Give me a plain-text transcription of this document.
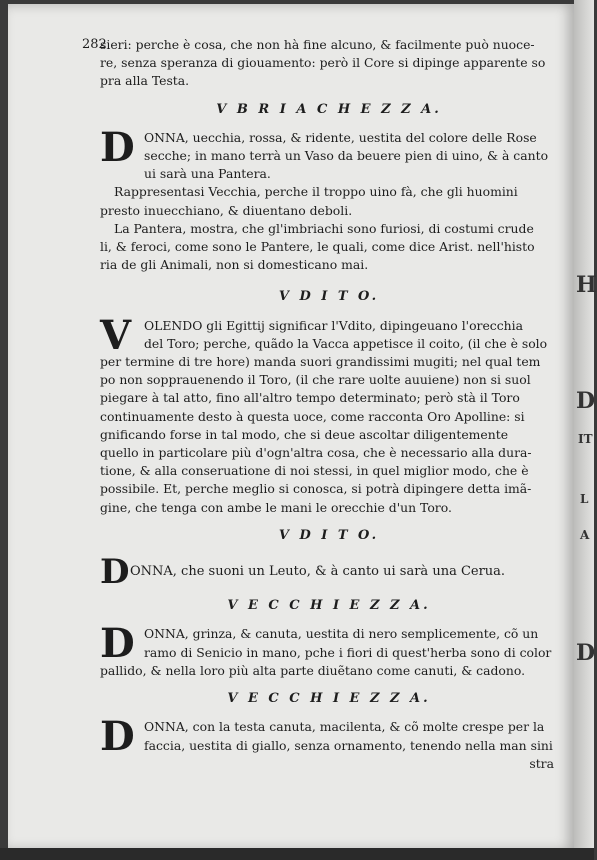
H
D
IT
L
A
D
282
sieri: perche è cosa, che non hà fine alcuno, & facilmente può nuoce-
re, senza speranza di giouamento: però il Core si dipinge apparente so
pra alla Testa.
V B R I A C H E Z Z A.
D ONNA, uecchia, rossa, & ridente, uestita del colore delle Rose
secche; in mano terrà un Vaso da beuere pien di uino, & à canto
ui sarà una Pantera.
Rappresentasi Vecchia, perche il troppo uino fà, che gli huomini
presto inuecchiano, & diuentano deboli.
La Pantera, mostra, che gl'imbriachi sono furiosi, di costumi crude
li, & feroci, come sono le Pantere, le quali, come dice Arist. nell'histo
ria de gli Animali, non si domesticano mai.
V D I T O.
V OLENDO gli Egittij significar l'Vdito, dipingeuano l'orecchia
del Toro; perche, quãdo la Vacca appetisce il coito, (il che è solo
per termine di tre hore) manda suori grandissimi mugiti; nel qual tem
po non sopprauenendo il Toro, (il che rare uolte auuiene) non si suol
piegare à tal atto, fino all'altro tempo determinato; però stà il Toro
continuamente desto à questa uoce, come racconta Oro Apolline: si
gnificando forse in tal modo, che si deue ascoltar diligentemente
quello in particolare più d'ogn'altra cosa, che è necessario alla dura-
tione, & alla conseruatione di noi stessi, in quel miglior modo, che è
possibile. Et, perche meglio si conosca, si potrà dipingere detta imã-
gine, che tenga con ambe le mani le orecchie d'un Toro.
V D I T O.
D ONNA, che suoni un Leuto, & à canto ui sarà una Ceruа.
V E C C H I E Z Z A.
D ONNA, grinza, & canuta, uestita di nero semplicemente, cõ un
ramo di Senicio in mano, pche i fiori di quest'herba sono di color
pallido, & nella loro più alta parte diuẽtano come canuti, & cadono.
V E C C H I E Z Z A.
D ONNA, con la testa canuta, macilenta, & cõ molte crespe per la
faccia, uestita di giallo, senza ornamento, tenendo nella man sini
stra
